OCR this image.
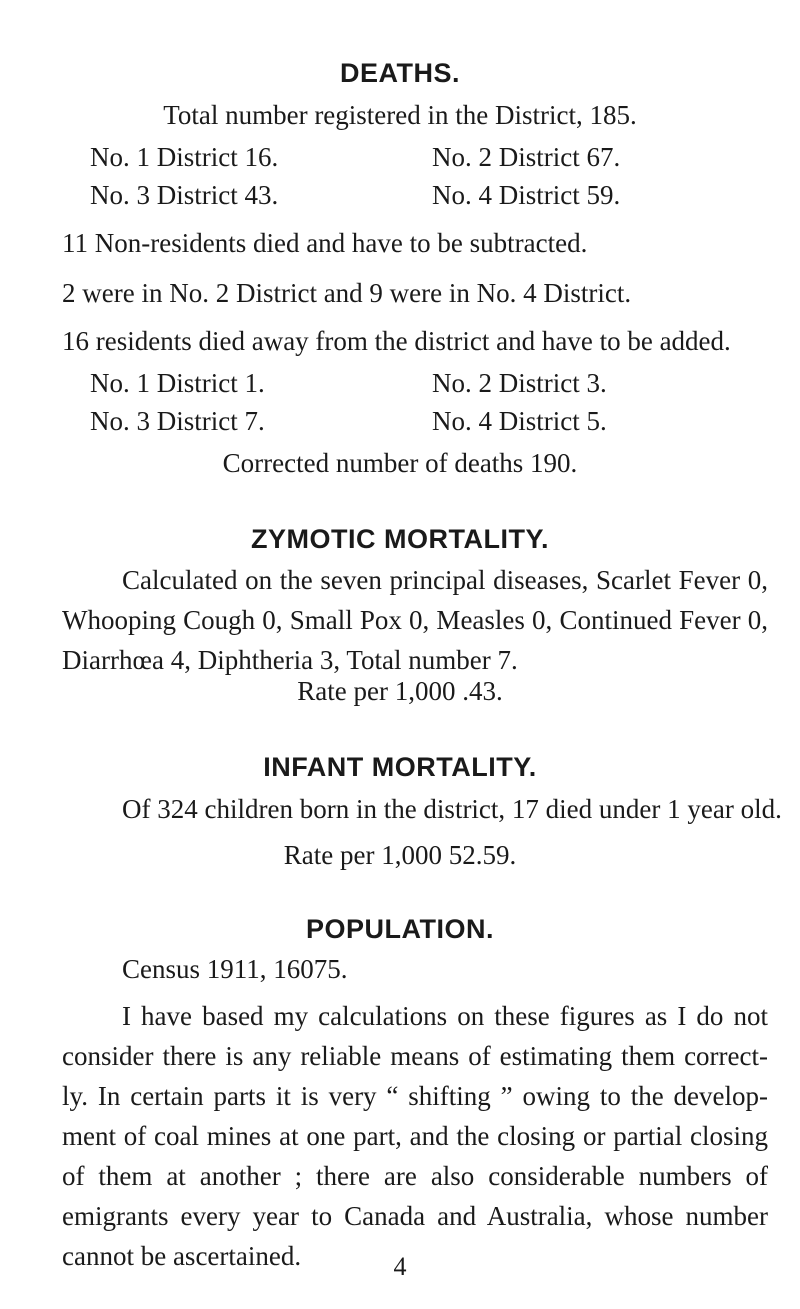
DEATHS.
Total number registered in the District, 185.
No. 1 District 16.	No. 2 District 67.
No. 3 District 43.	No. 4 District 59.
11 Non-residents died and have to be subtracted.
2 were in No. 2 District and 9 were in No. 4 District.
16 residents died away from the district and have to be added.
No. 1 District 1.	No. 2 District 3.
No. 3 District 7.	No. 4 District 5.
Corrected number of deaths 190.
ZYMOTIC MORTALITY.
Calculated on the seven principal diseases, Scarlet Fever 0, Whooping Cough 0, Small Pox 0, Measles 0, Continued Fever 0, Diarrhœa 4, Diphtheria 3, Total number 7.
Rate per 1,000 .43.
INFANT MORTALITY.
Of 324 children born in the district, 17 died under 1 year old.
Rate per 1,000 52.59.
POPULATION.
Census 1911, 16075.
I have based my calculations on these figures as I do not consider there is any reliable means of estimating them correct-ly. In certain parts it is very “ shifting ” owing to the develop-ment of coal mines at one part, and the closing or partial closing of them at another ; there are also considerable numbers of emigrants every year to Canada and Australia, whose number cannot be ascertained.	4
